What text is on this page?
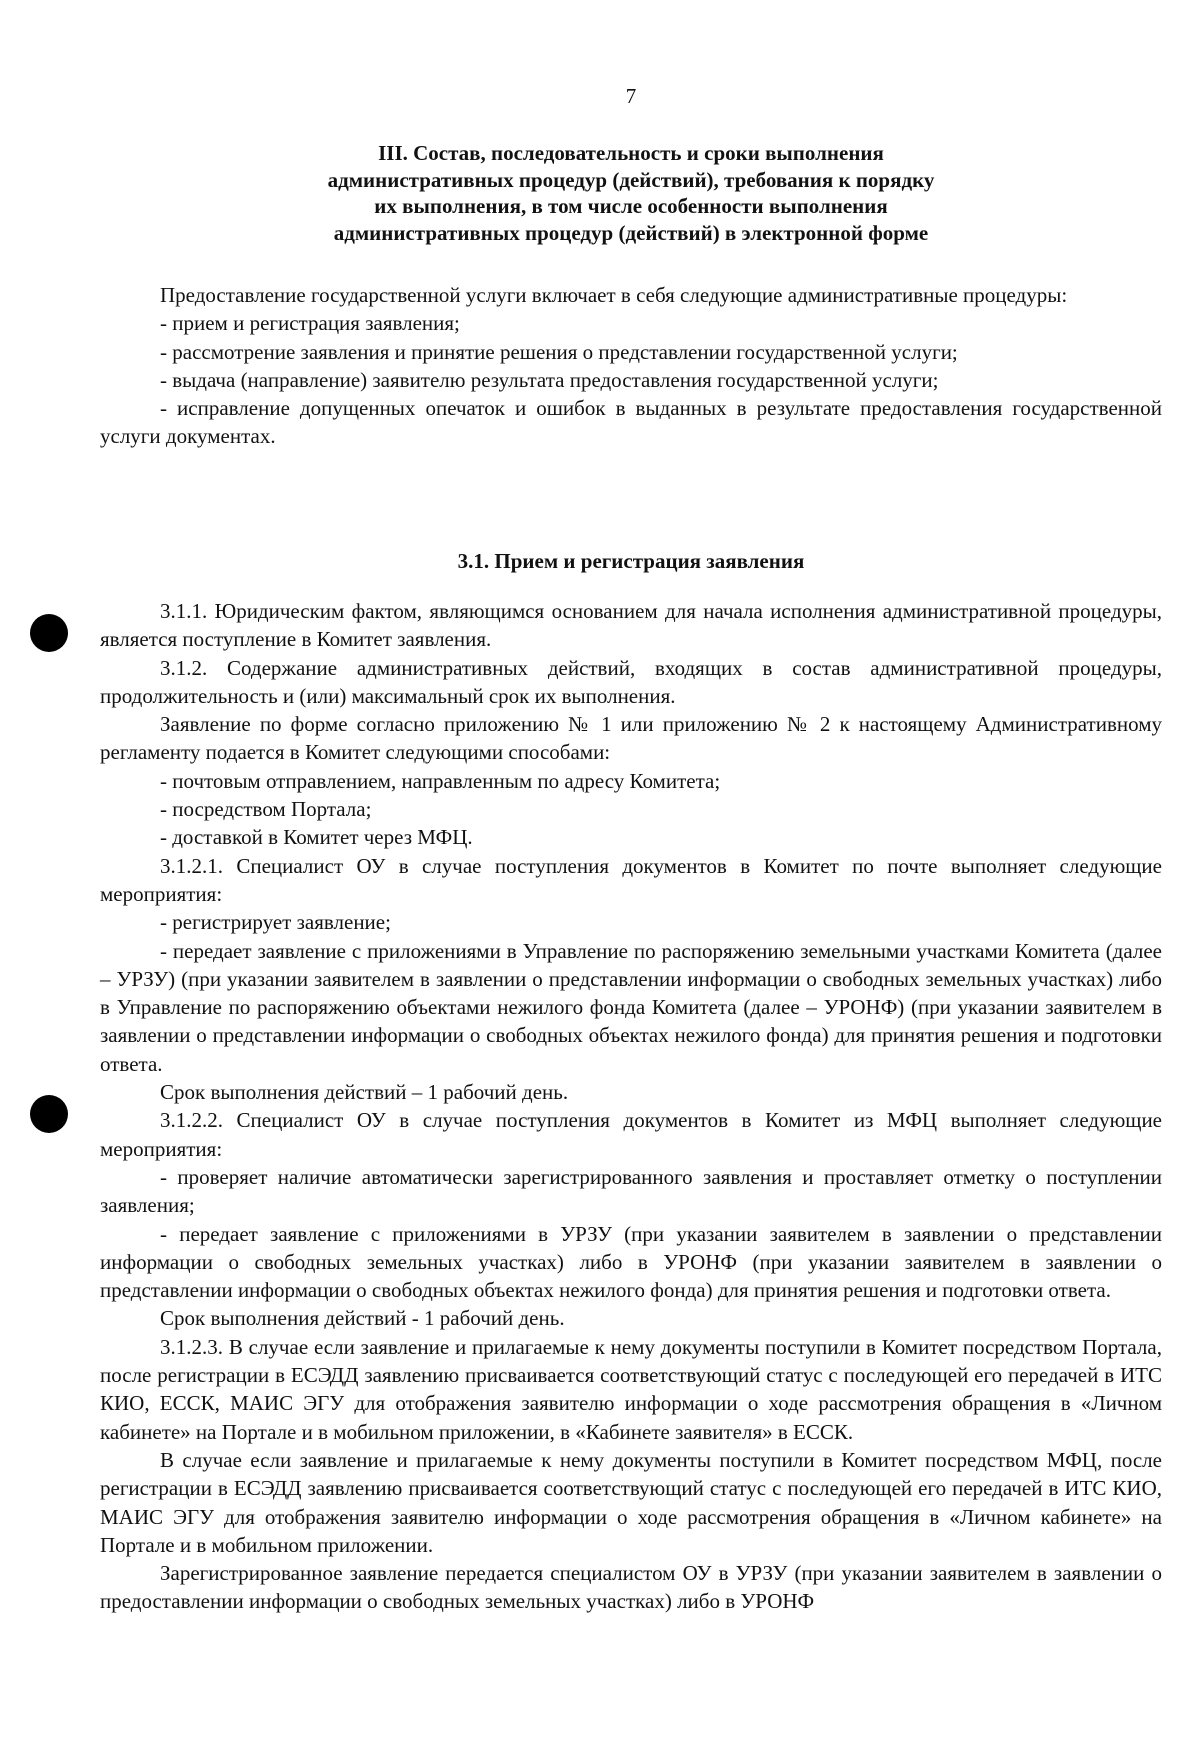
7
III. Состав, последовательность и сроки выполнения
административных процедур (действий), требования к порядку
их выполнения, в том числе особенности выполнения
административных процедур (действий) в электронной форме

Предоставление государственной услуги включает в себя следующие административные процедуры:

- прием и регистрация заявления;

- рассмотрение заявления и принятие решения о представлении государственной услуги;

- выдача (направление) заявителю результата предоставления государственной услуги;

- исправление допущенных опечаток и ошибок в выданных в результате предоставления государственной услуги документах.

3.1. Прием и регистрация заявления

3.1.1. Юридическим фактом, являющимся основанием для начала исполнения административной процедуры, является поступление в Комитет заявления.

3.1.2. Содержание административных действий, входящих в состав административной процедуры, продолжительность и (или) максимальный срок их выполнения.

Заявление по форме согласно приложению № 1 или приложению № 2 к настоящему Административному регламенту подается в Комитет следующими способами:

- почтовым отправлением, направленным по адресу Комитета;

- посредством Портала;

- доставкой в Комитет через МФЦ.

3.1.2.1. Специалист ОУ в случае поступления документов в Комитет по почте выполняет следующие мероприятия:

- регистрирует заявление;

- передает заявление с приложениями в Управление по распоряжению земельными участками Комитета (далее – УРЗУ) (при указании заявителем в заявлении о представлении информации о свободных земельных участках) либо в Управление по распоряжению объектами нежилого фонда Комитета (далее – УРОНФ) (при указании заявителем в заявлении о представлении информации о свободных объектах нежилого фонда) для принятия решения и подготовки ответа.

Срок выполнения действий – 1 рабочий день.

3.1.2.2. Специалист ОУ в случае поступления документов в Комитет из МФЦ выполняет следующие мероприятия:

- проверяет наличие автоматически зарегистрированного заявления и проставляет отметку о поступлении заявления;

- передает заявление с приложениями в УРЗУ (при указании заявителем в заявлении о представлении информации о свободных земельных участках) либо в УРОНФ (при указании заявителем в заявлении о представлении информации о свободных объектах нежилого фонда) для принятия решения и подготовки ответа.

Срок выполнения действий - 1 рабочий день.

3.1.2.3. В случае если заявление и прилагаемые к нему документы поступили в Комитет посредством Портала, после регистрации в ЕСЭДД заявлению присваивается соответствующий статус с последующей его передачей в ИТС КИО, ЕССК, МАИС ЭГУ для отображения заявителю информации о ходе рассмотрения обращения в «Личном кабинете» на Портале и в мобильном приложении, в «Кабинете заявителя» в ЕССК.

В случае если заявление и прилагаемые к нему документы поступили в Комитет посредством МФЦ, после регистрации в ЕСЭДД заявлению присваивается соответствующий статус с последующей его передачей в ИТС КИО, МАИС ЭГУ для отображения заявителю информации о ходе рассмотрения обращения в «Личном кабинете» на Портале и в мобильном приложении.

Зарегистрированное заявление передается специалистом ОУ в УРЗУ (при указании заявителем в заявлении о предоставлении информации о свободных земельных участках) либо в УРОНФ
